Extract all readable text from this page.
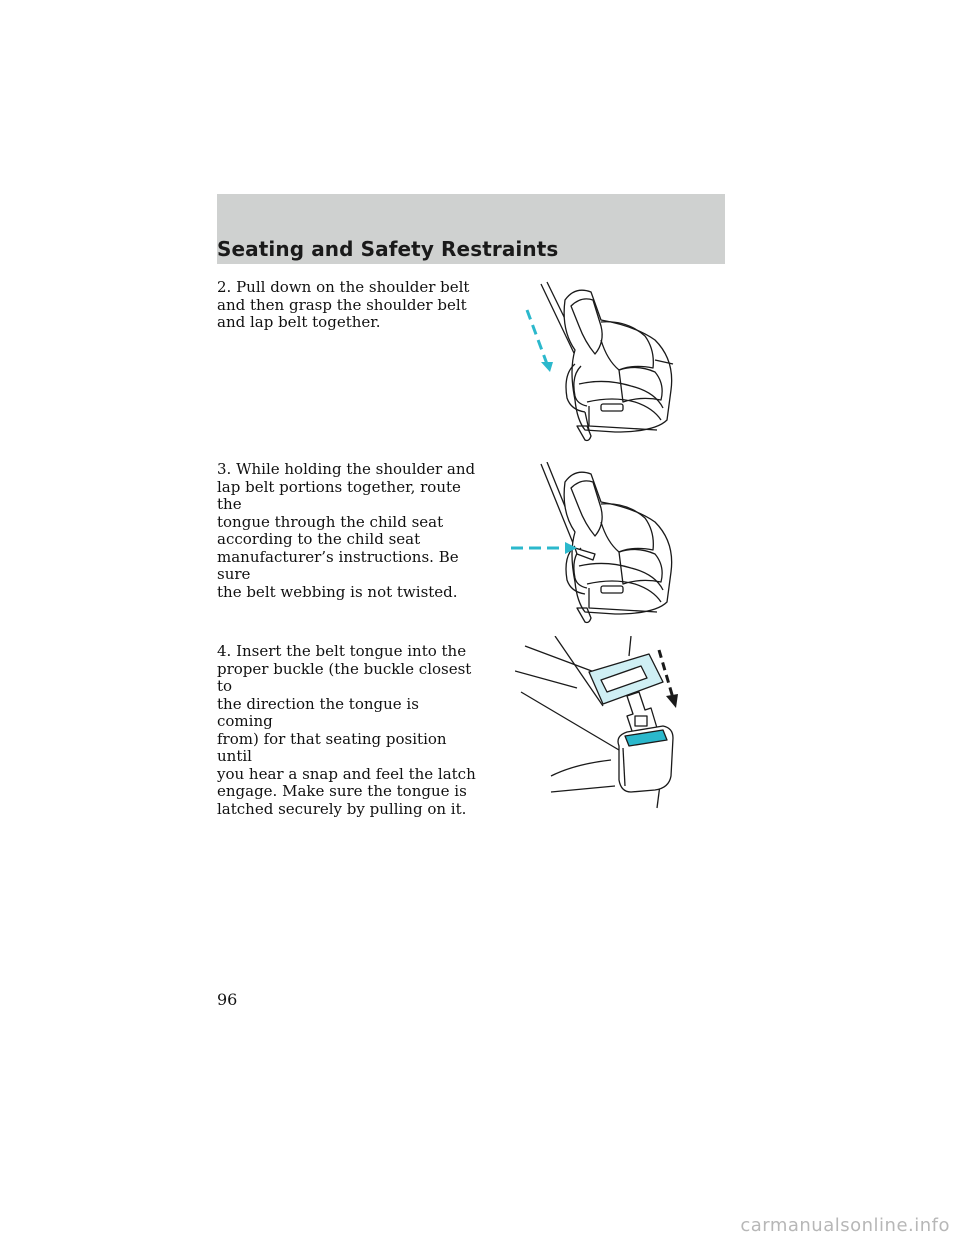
Seating and Safety Restraints
2. Pull down on the shoulder belt
and then grasp the shoulder belt
and lap belt together.
3. While holding the shoulder and
lap belt portions together, route the
tongue through the child seat
according to the child seat
manufacturer’s instructions. Be sure
the belt webbing is not twisted.
4. Insert the belt tongue into the
proper buckle (the buckle closest to
the direction the tongue is coming
from) for that seating position until
you hear a snap and feel the latch
engage. Make sure the tongue is
latched securely by pulling on it.
96
carmanualsonline.info
